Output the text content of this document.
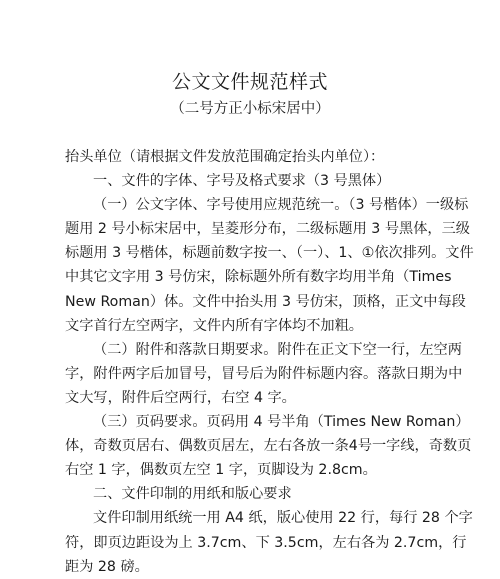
公文文件规范样式
（二号方正小标宋居中）

抬头单位（请根据文件发放范围确定抬头内单位）：

一、文件的字体、字号及格式要求（3 号黑体）

（一）公文字体、字号使用应规范统一。（3 号楷体）一级标题用 2 号小标宋居中，呈菱形分布，二级标题用 3 号黑体，三级标题用 3 号楷体，标题前数字按一、（一）、1、①依次排列。文件中其它文字用 3 号仿宋，除标题外所有数字均用半角（Times New Roman）体。文件中抬头用 3 号仿宋，顶格，正文中每段文字首行左空两字，文件内所有字体均不加粗。

（二）附件和落款日期要求。附件在正文下空一行，左空两字，附件两字后加冒号，冒号后为附件标题内容。落款日期为中文大写，附件后空两行，右空 4 字。

（三）页码要求。页码用 4 号半角（Times New Roman）体，奇数页居右、偶数页居左，左右各放一条4号一字线，奇数页右空 1 字，偶数页左空 1 字，页脚设为 2.8cm。

二、文件印制的用纸和版心要求

文件印制用纸统一用 A4 纸，版心使用 22 行，每行 28 个字符，即页边距设为上 3.7cm、下 3.5cm，左右各为 2.7cm，行距为 28 磅。
